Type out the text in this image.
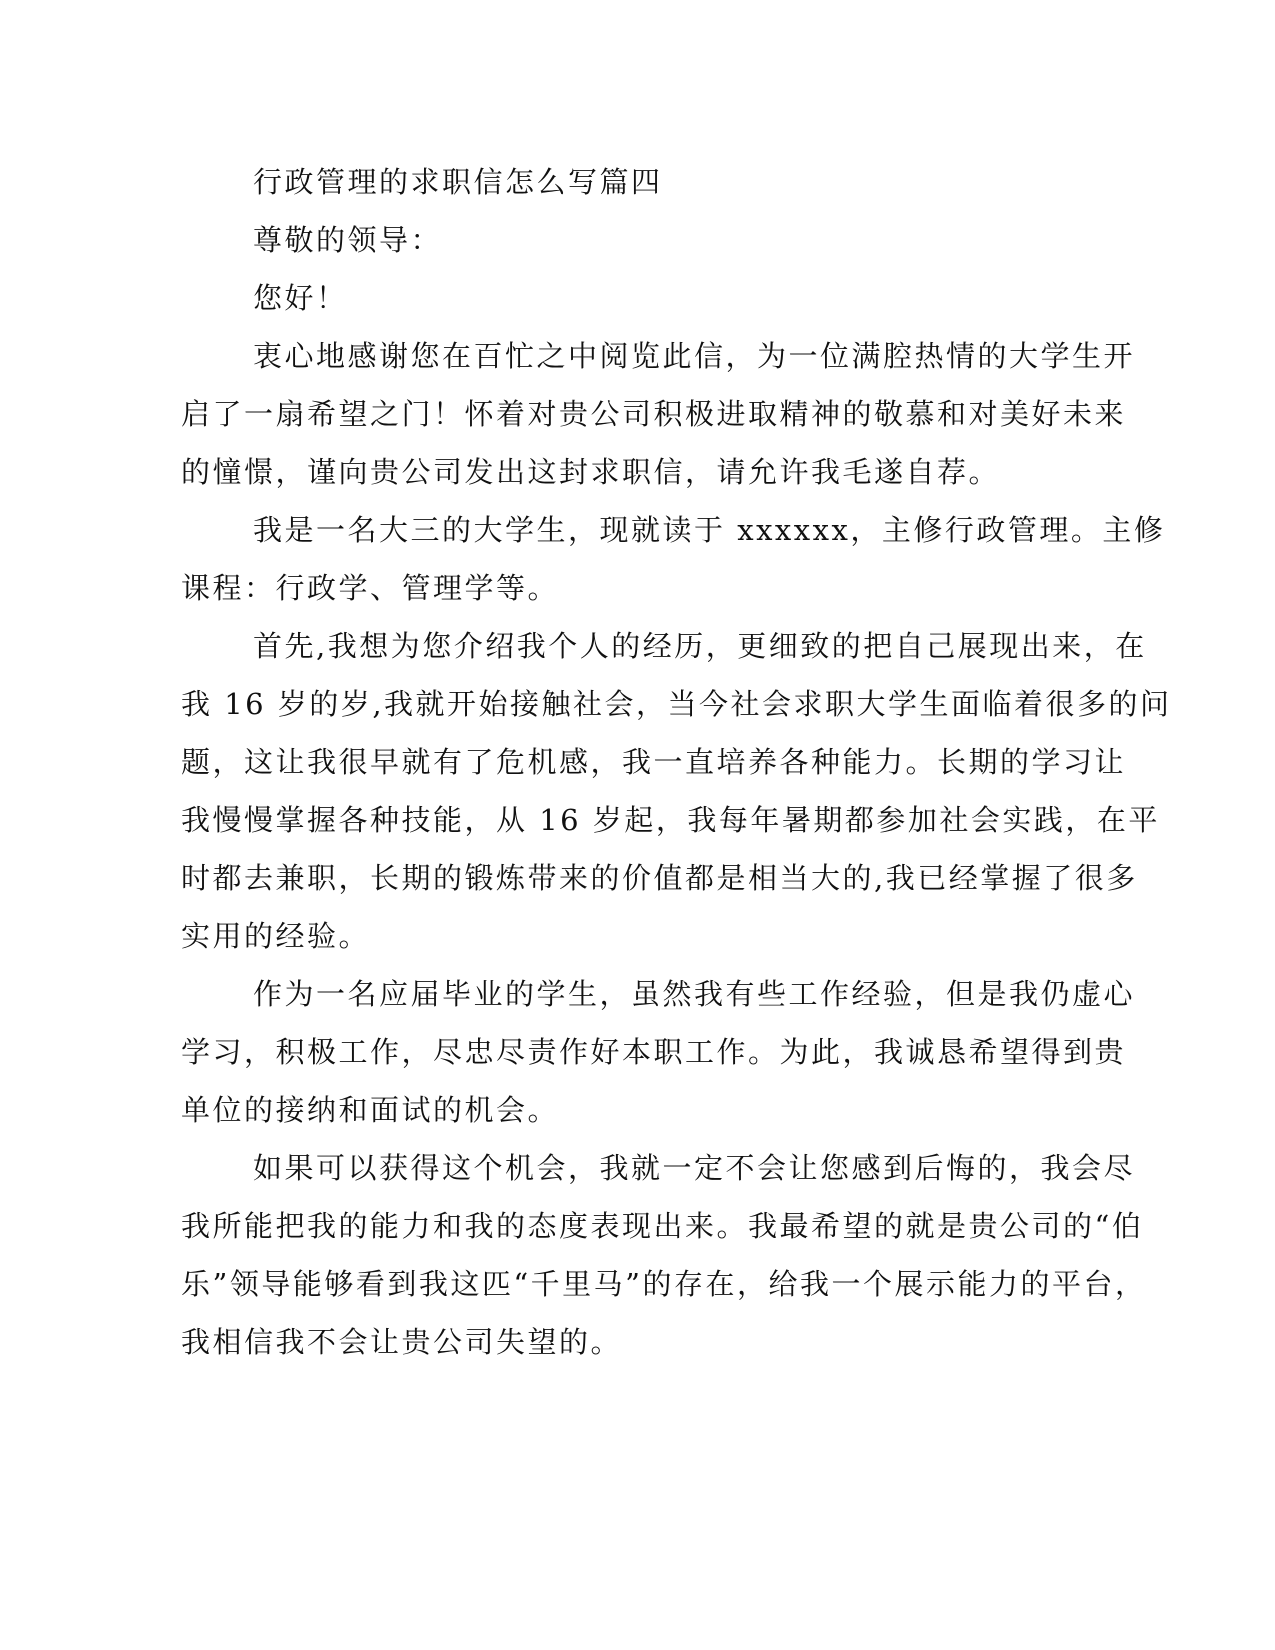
行政管理的求职信怎么写篇四

尊敬的领导：

您好！

衷心地感谢您在百忙之中阅览此信，为一位满腔热情的大学生开
启了一扇希望之门！怀着对贵公司积极进取精神的敬慕和对美好未来
的憧憬，谨向贵公司发出这封求职信，请允许我毛遂自荐。
我是一名大三的大学生，现就读于 xxxxxx，主修行政管理。主修
课程：行政学、管理学等。
首先,我想为您介绍我个人的经历，更细致的把自己展现出来，在
我 16 岁的岁,我就开始接触社会，当今社会求职大学生面临着很多的问
题，这让我很早就有了危机感，我一直培养各种能力。长期的学习让
我慢慢掌握各种技能，从 16 岁起，我每年暑期都参加社会实践，在平
时都去兼职，长期的锻炼带来的价值都是相当大的,我已经掌握了很多
实用的经验。
作为一名应届毕业的学生，虽然我有些工作经验，但是我仍虚心
学习，积极工作，尽忠尽责作好本职工作。为此，我诚恳希望得到贵
单位的接纳和面试的机会。
如果可以获得这个机会，我就一定不会让您感到后悔的，我会尽
我所能把我的能力和我的态度表现出来。我最希望的就是贵公司的“伯
乐”领导能够看到我这匹“千里马”的存在，给我一个展示能力的平台，
我相信我不会让贵公司失望的。
